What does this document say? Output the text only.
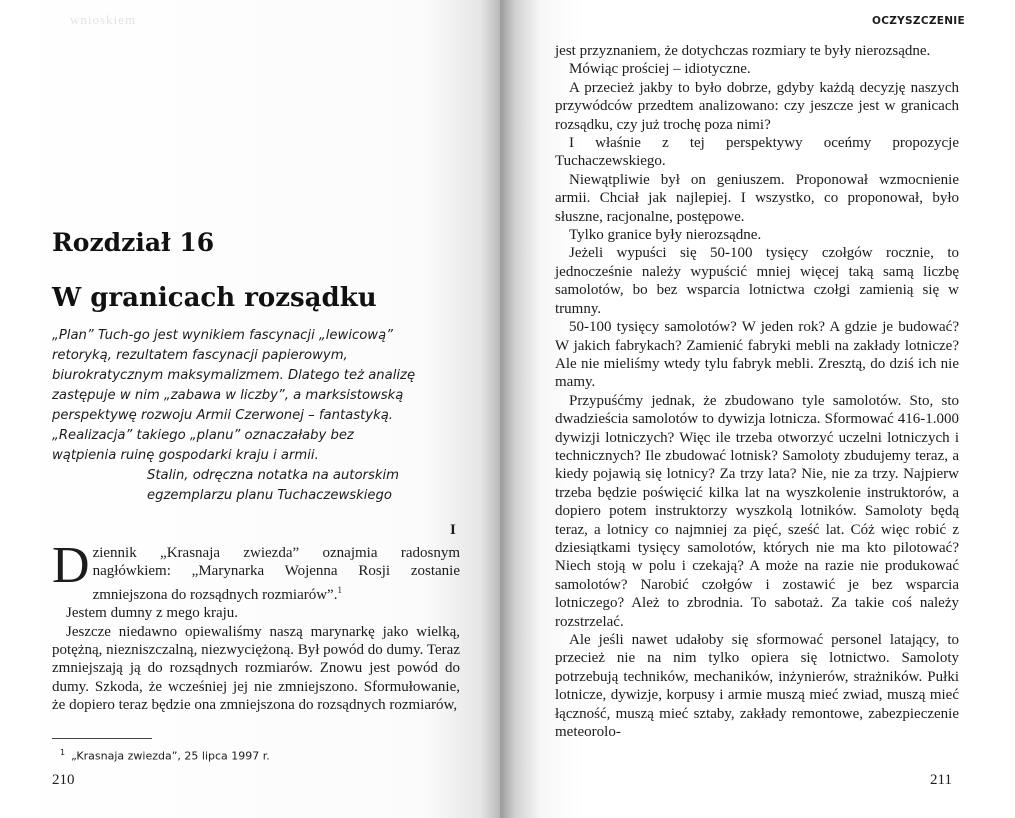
wnioskiem
Rozdział 16
W granicach rozsądku
„Plan” Tuch-go jest wynikiem fascynacji „lewicową”
retoryką, rezultatem fascynacji papierowym,
biurokratycznym maksymalizmem. Dlatego też analizę
zastępuje w nim „zabawa w liczby”, a marksistowską
perspektywę rozwoju Armii Czerwonej – fantastyką.
„Realizacja” takiego „planu” oznaczałaby bez
wątpienia ruinę gospodarki kraju i armii.
Stalin, odręczna notatka na autorskim
egzemplarzu planu Tuchaczewskiego
I

Dziennik „Krasnaja zwiezda” oznajmia radosnym nagłówkiem: „Marynarka Wojenna Rosji zostanie zmniejszona do rozsądnych rozmiarów”.$^1$

Jestem dumny z mego kraju.

Jeszcze niedawno opiewaliśmy naszą marynarkę jako wielką, potężną, niezniszczalną, niezwyciężoną. Był powód do dumy. Teraz zmniejszają ją do rozsądnych rozmiarów. Znowu jest powód do dumy. Szkoda, że wcześniej jej nie zmniejszono. Sformułowanie, że dopiero teraz będzie ona zmniejszona do rozsądnych rozmiarów,

$^1$ „Krasnaja zwiezda”, 25 lipca 1997 r.
210
OCZYSZCZENIE

jest przyznaniem, że dotychczas rozmiary te były nierozsądne.

Mówiąc prościej – idiotyczne.

A przecież jakby to było dobrze, gdyby każdą decyzję naszych przywódców przedtem analizowano: czy jeszcze jest w granicach rozsądku, czy już trochę poza nimi?

I właśnie z tej perspektywy oceńmy propozycje Tuchaczewskiego.

Niewątpliwie był on geniuszem. Proponował wzmocnienie armii. Chciał jak najlepiej. I wszystko, co proponował, było słuszne, racjonalne, postępowe.

Tylko granice były nierozsądne.

Jeżeli wypuści się 50-100 tysięcy czołgów rocznie, to jednocześnie należy wypuścić mniej więcej taką samą liczbę samolotów, bo bez wsparcia lotnictwa czołgi zamienią się w trumny.

50-100 tysięcy samolotów? W jeden rok? A gdzie je budować? W jakich fabrykach? Zamienić fabryki mebli na zakłady lotnicze? Ale nie mieliśmy wtedy tylu fabryk mebli. Zresztą, do dziś ich nie mamy.

Przypuśćmy jednak, że zbudowano tyle samolotów. Sto, sto dwadzieścia samolotów to dywizja lotnicza. Sformować 416-1.000 dywizji lotniczych? Więc ile trzeba otworzyć uczelni lotniczych i technicznych? Ile zbudować lotnisk? Samoloty zbudujemy teraz, a kiedy pojawią się lotnicy? Za trzy lata? Nie, nie za trzy. Najpierw trzeba będzie poświęcić kilka lat na wyszkolenie instruktorów, a dopiero potem instruktorzy wyszkolą lotników. Samoloty będą teraz, a lotnicy co najmniej za pięć, sześć lat. Cóż więc robić z dziesiątkami tysięcy samolotów, których nie ma kto pilotować? Niech stoją w polu i czekają? A może na razie nie produkować samolotów? Narobić czołgów i zostawić je bez wsparcia lotniczego? Ależ to zbrodnia. To sabotaż. Za takie coś należy rozstrzelać.

Ale jeśli nawet udałoby się sformować personel latający, to przecież nie na nim tylko opiera się lotnictwo. Samoloty potrzebują techników, mechaników, inżynierów, strażników. Pułki lotnicze, dywizje, korpusy i armie muszą mieć zwiad, muszą mieć łączność, muszą mieć sztaby, zakłady remontowe, zabezpieczenie meteorolo-

211
